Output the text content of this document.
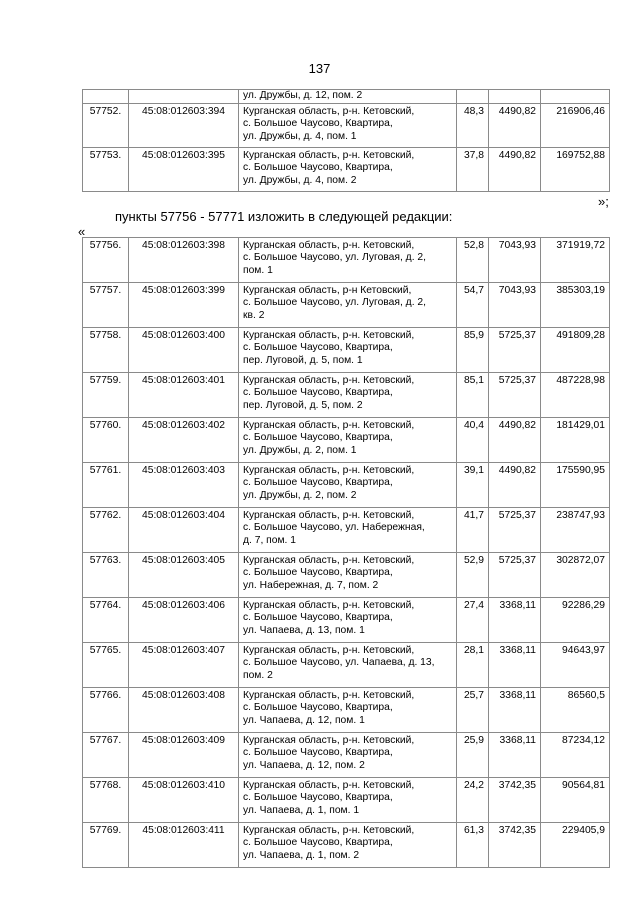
137
		ул. Дружбы, д. 12, пом. 2			
57752.	45:08:012603:394	Курганская область, р-н. Кетовский,
с. Большое Чаусово, Квартира,
ул. Дружбы, д. 4, пом. 1	48,3	4490,82	216906,46
57753.	45:08:012603:395	Курганская область, р-н. Кетовский,
с. Большое Чаусово, Квартира,
ул. Дружбы, д. 4, пом. 2	37,8	4490,82	169752,88
»;
пункты 57756 - 57771 изложить в следующей редакции:
«
57756.	45:08:012603:398	Курганская область, р-н. Кетовский,
с. Большое Чаусово, ул. Луговая, д. 2,
пом. 1	52,8	7043,93	371919,72
57757.	45:08:012603:399	Курганская область, р-н Кетовский,
с. Большое Чаусово, ул. Луговая, д. 2,
кв. 2	54,7	7043,93	385303,19
57758.	45:08:012603:400	Курганская область, р-н. Кетовский,
с. Большое Чаусово, Квартира,
пер. Луговой, д. 5, пом. 1	85,9	5725,37	491809,28
57759.	45:08:012603:401	Курганская область, р-н. Кетовский,
с. Большое Чаусово, Квартира,
пер. Луговой, д. 5, пом. 2	85,1	5725,37	487228,98
57760.	45:08:012603:402	Курганская область, р-н. Кетовский,
с. Большое Чаусово, Квартира,
ул. Дружбы, д. 2, пом. 1	40,4	4490,82	181429,01
57761.	45:08:012603:403	Курганская область, р-н. Кетовский,
с. Большое Чаусово, Квартира,
ул. Дружбы, д. 2, пом. 2	39,1	4490,82	175590,95
57762.	45:08:012603:404	Курганская область, р-н. Кетовский,
с. Большое Чаусово, ул. Набережная,
д. 7, пом. 1	41,7	5725,37	238747,93
57763.	45:08:012603:405	Курганская область, р-н. Кетовский,
с. Большое Чаусово, Квартира,
ул. Набережная, д. 7, пом. 2	52,9	5725,37	302872,07
57764.	45:08:012603:406	Курганская область, р-н. Кетовский,
с. Большое Чаусово, Квартира,
ул. Чапаева, д. 13, пом. 1	27,4	3368,11	92286,29
57765.	45:08:012603:407	Курганская область, р-н. Кетовский,
с. Большое Чаусово, ул. Чапаева, д. 13,
пом. 2	28,1	3368,11	94643,97
57766.	45:08:012603:408	Курганская область, р-н. Кетовский,
с. Большое Чаусово, Квартира,
ул. Чапаева, д. 12, пом. 1	25,7	3368,11	86560,5
57767.	45:08:012603:409	Курганская область, р-н. Кетовский,
с. Большое Чаусово, Квартира,
ул. Чапаева, д. 12, пом. 2	25,9	3368,11	87234,12
57768.	45:08:012603:410	Курганская область, р-н. Кетовский,
с. Большое Чаусово, Квартира,
ул. Чапаева, д. 1, пом. 1	24,2	3742,35	90564,81
57769.	45:08:012603:411	Курганская область, р-н. Кетовский,
с. Большое Чаусово, Квартира,
ул. Чапаева, д. 1, пом. 2	61,3	3742,35	229405,9
